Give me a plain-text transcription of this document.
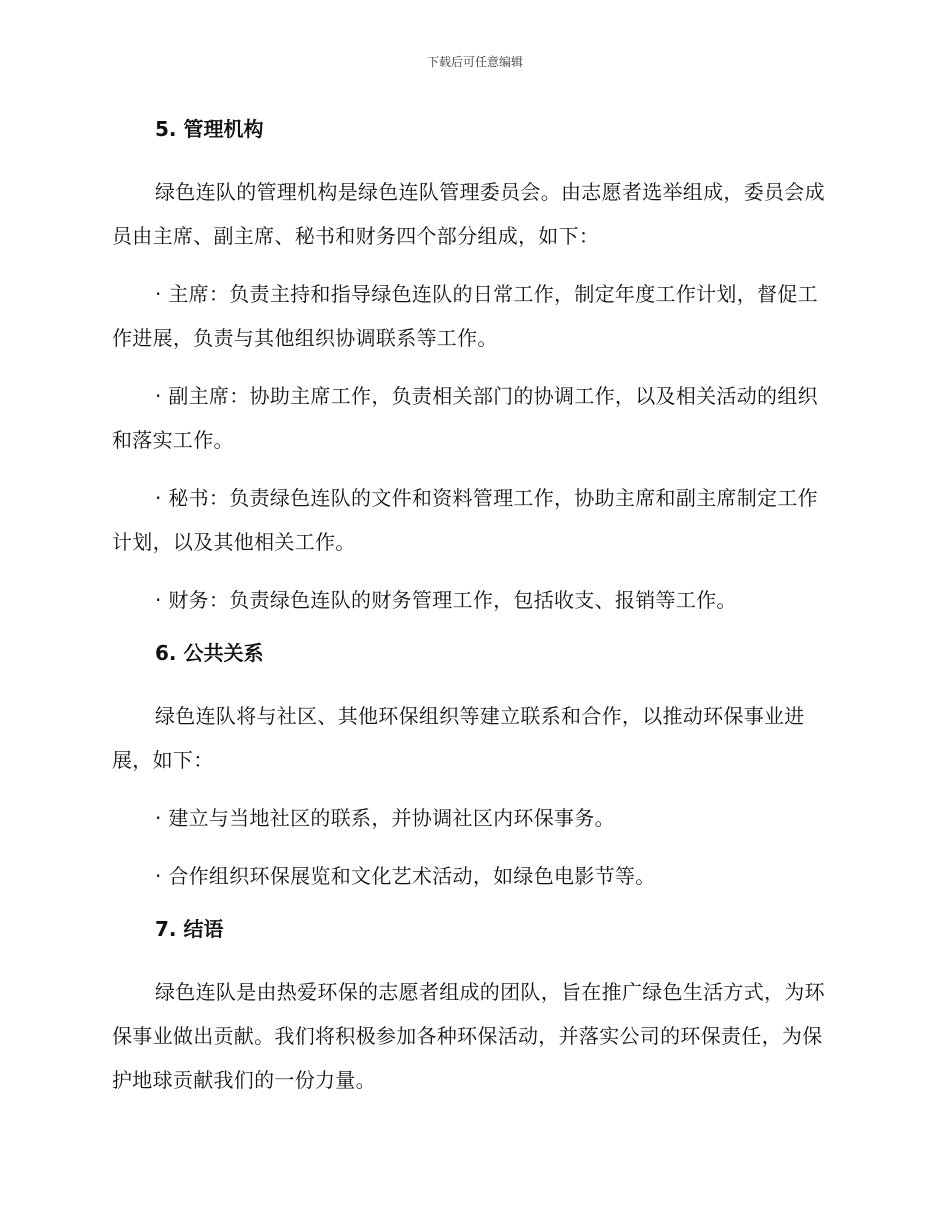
下载后可任意编辑
5. 管理机构

绿色连队的管理机构是绿色连队管理委员会。由志愿者选举组成，委员会成员由主席、副主席、秘书和财务四个部分组成，如下：

· 主席：负责主持和指导绿色连队的日常工作，制定年度工作计划，督促工作进展，负责与其他组织协调联系等工作。

· 副主席：协助主席工作，负责相关部门的协调工作，以及相关活动的组织和落实工作。

· 秘书：负责绿色连队的文件和资料管理工作，协助主席和副主席制定工作计划，以及其他相关工作。

· 财务：负责绿色连队的财务管理工作，包括收支、报销等工作。

6. 公共关系

绿色连队将与社区、其他环保组织等建立联系和合作，以推动环保事业进展，如下：

· 建立与当地社区的联系，并协调社区内环保事务。

· 合作组织环保展览和文化艺术活动，如绿色电影节等。

7. 结语

绿色连队是由热爱环保的志愿者组成的团队，旨在推广绿色生活方式，为环保事业做出贡献。我们将积极参加各种环保活动，并落实公司的环保责任，为保护地球贡献我们的一份力量。
